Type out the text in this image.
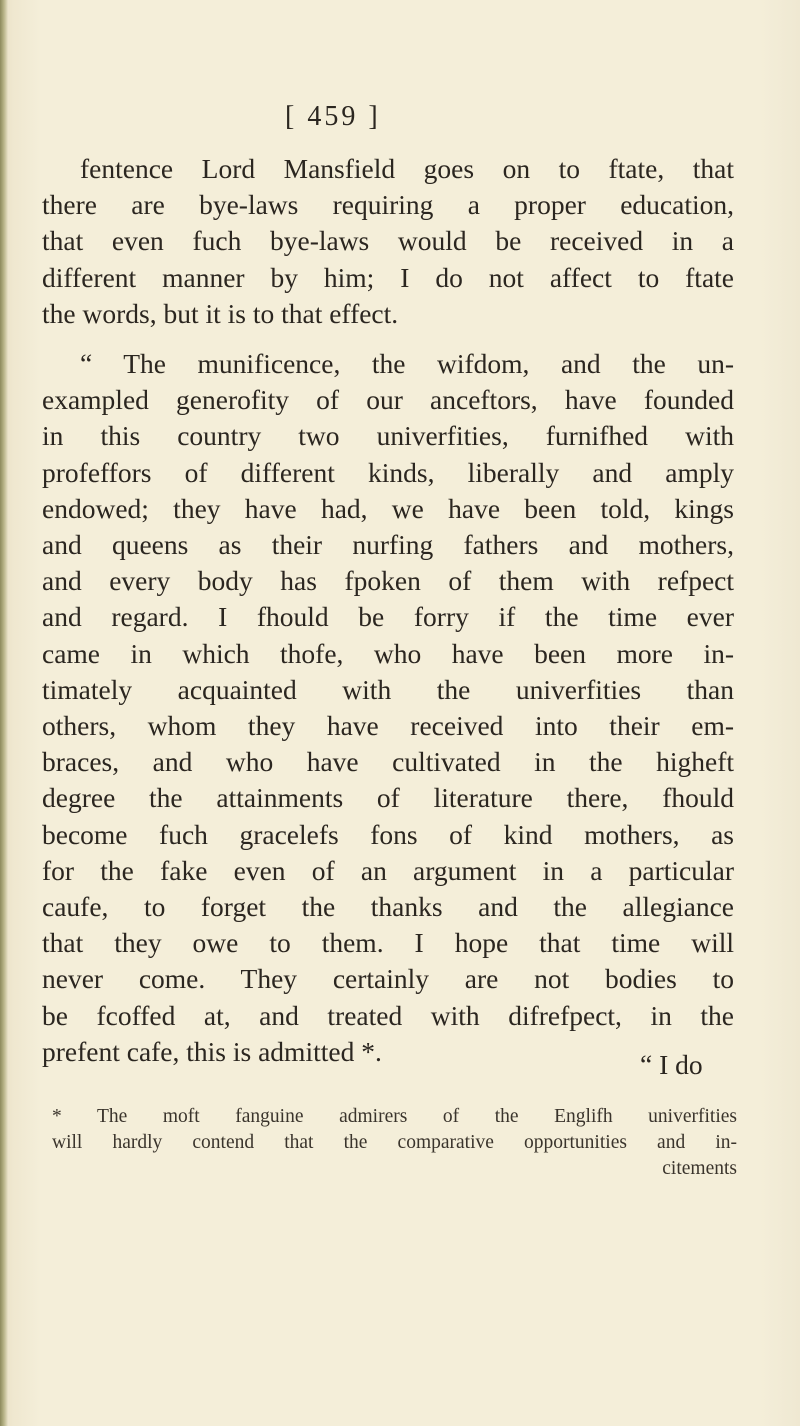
[ 459 ]
fentence Lord Mansfield goes on to ftate, that
there are bye-laws requiring a proper education,
that even fuch bye-laws would be received in a
different manner by him; I do not affect to ftate
the words, but it is to that effect.
“ The munificence, the wifdom, and the un-
exampled generofity of our anceftors, have founded
in this country two univerfities, furnifhed with
profeffors of different kinds, liberally and amply
endowed; they have had, we have been told, kings
and queens as their nurfing fathers and mothers,
and every body has fpoken of them with refpect
and regard. I fhould be forry if the time ever
came in which thofe, who have been more in-
timately acquainted with the univerfities than
others, whom they have received into their em-
braces, and who have cultivated in the higheft
degree the attainments of literature there, fhould
become fuch gracelefs fons of kind mothers, as
for the fake even of an argument in a particular
caufe, to forget the thanks and the allegiance
that they owe to them. I hope that time will
never come. They certainly are not bodies to
be fcoffed at, and treated with difrefpect, in the
prefent cafe, this is admitted *.	“ I do
* The moft fanguine admirers of the Englifh univerfities
will hardly contend that the comparative opportunities and in-
citements
